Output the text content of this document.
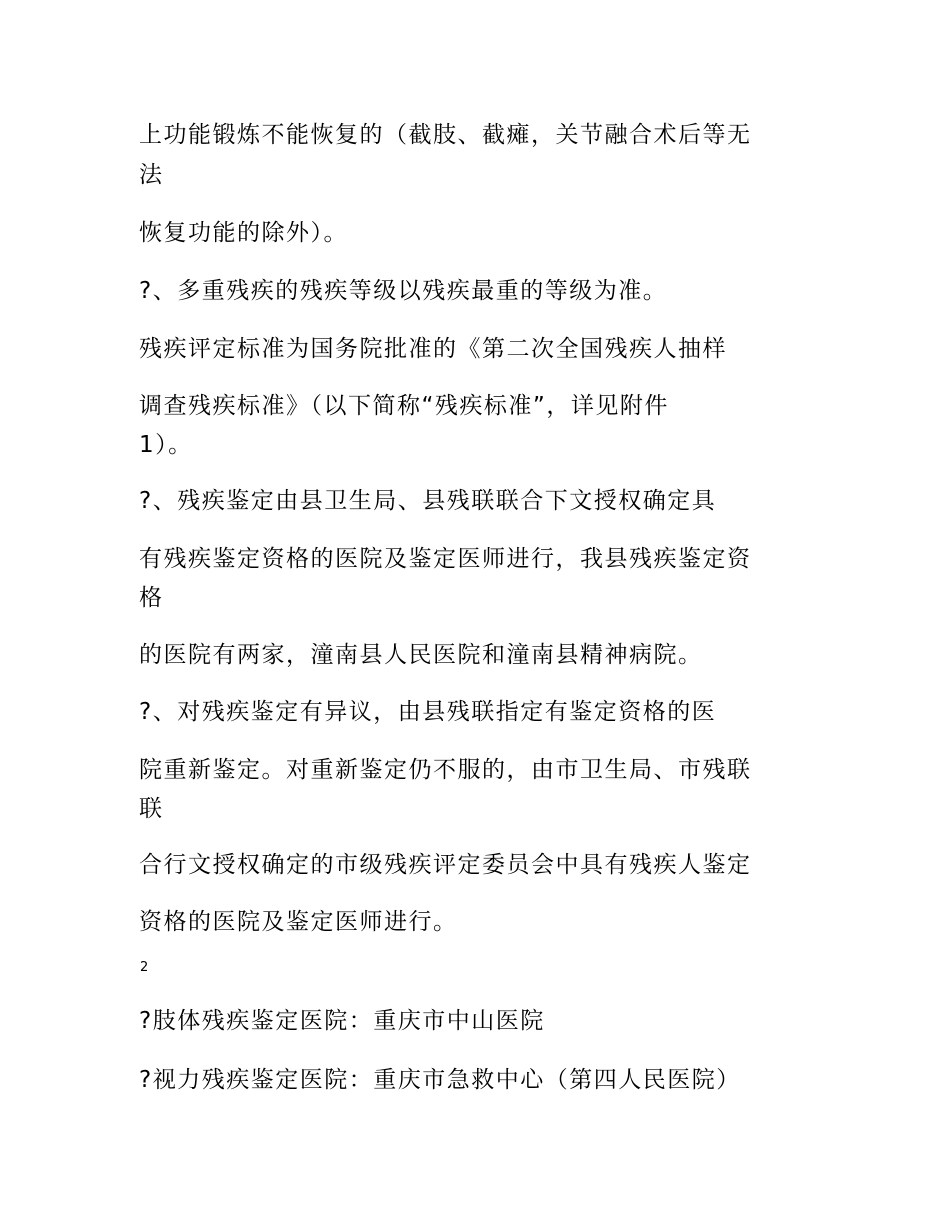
上功能锻炼不能恢复的（截肢、截瘫，关节融合术后等无
法
恢复功能的除外）。
?、多重残疾的残疾等级以残疾最重的等级为准。
残疾评定标准为国务院批准的《第二次全国残疾人抽样
调查残疾标准》（以下简称“残疾标准”，详见附件
1）。
?、残疾鉴定由县卫生局、县残联联合下文授权确定具
有残疾鉴定资格的医院及鉴定医师进行，我县残疾鉴定资
格
的医院有两家，潼南县人民医院和潼南县精神病院。
?、对残疾鉴定有异议，由县残联指定有鉴定资格的医
院重新鉴定。对重新鉴定仍不服的，由市卫生局、市残联
联
合行文授权确定的市级残疾评定委员会中具有残疾人鉴定
资格的医院及鉴定医师进行。
2
?肢体残疾鉴定医院：重庆市中山医院
?视力残疾鉴定医院：重庆市急救中心（第四人民医院）
